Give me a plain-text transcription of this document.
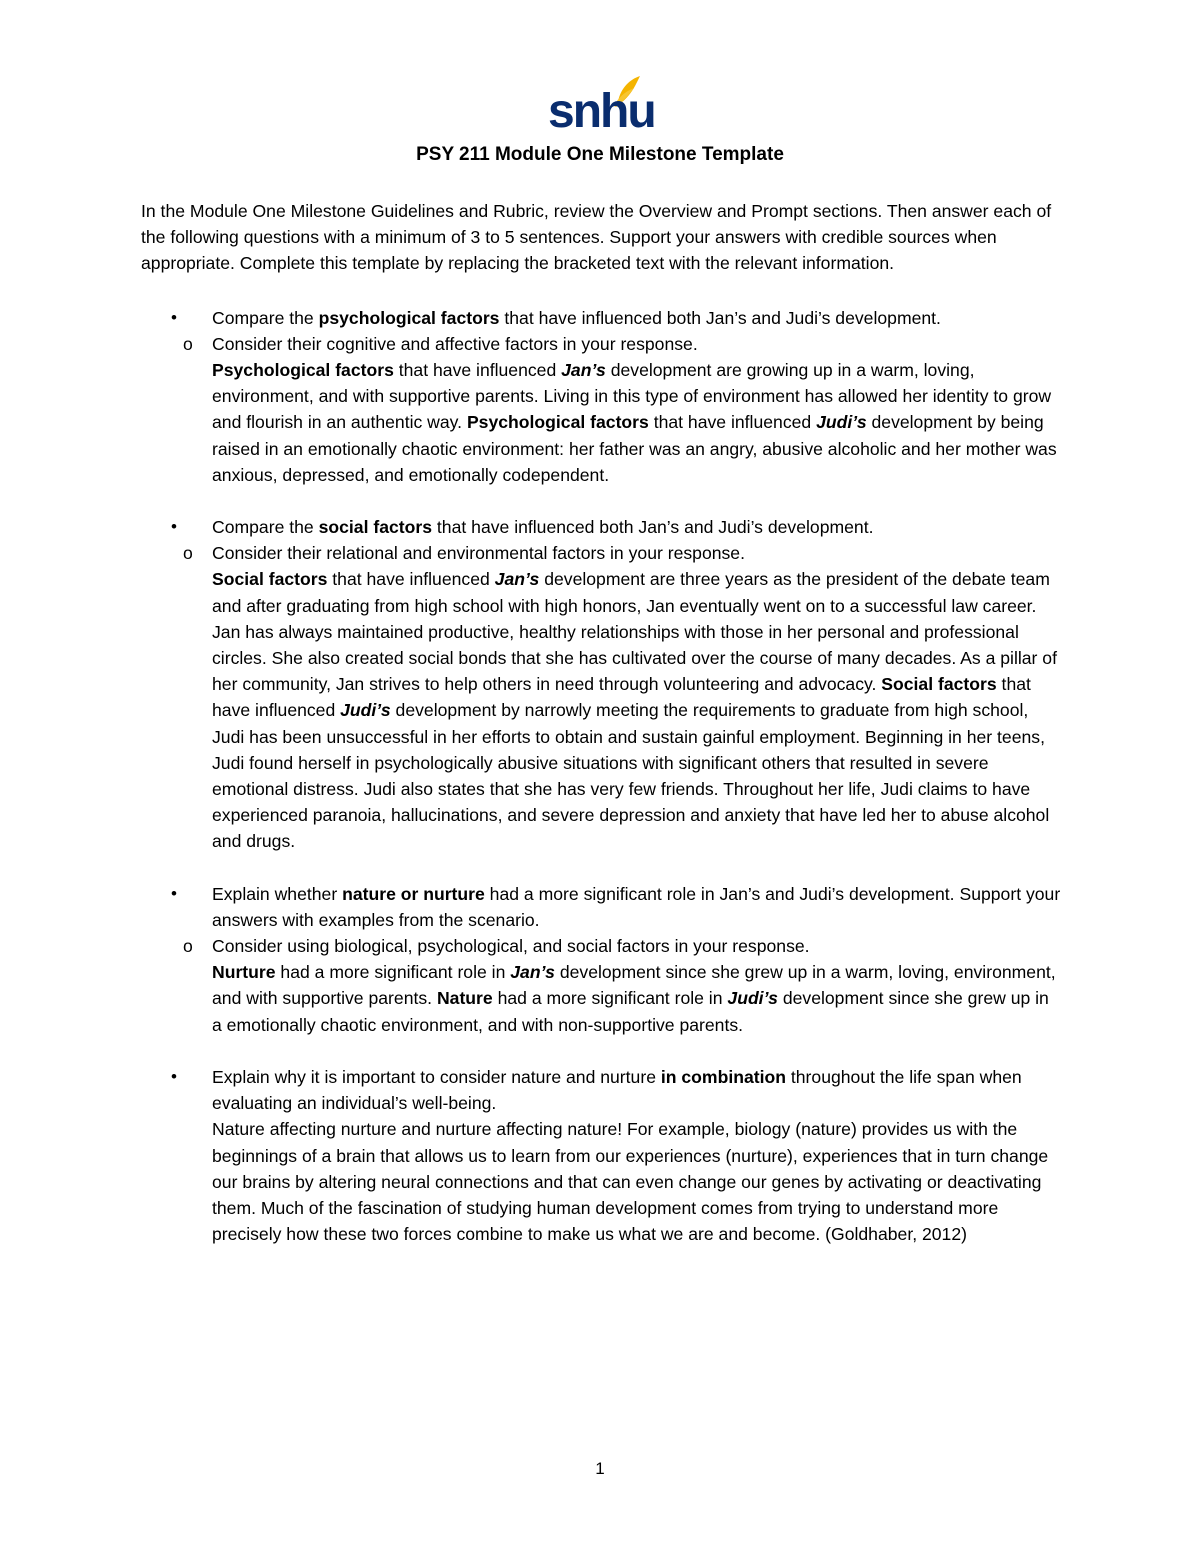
snhu
PSY 211 Module One Milestone Template

In the Module One Milestone Guidelines and Rubric, review the Overview and Prompt sections. Then answer each of the following questions with a minimum of 3 to 5 sentences. Support your answers with credible sources when appropriate. Complete this template by replacing the bracketed text with the relevant information.

• Compare the psychological factors that have influenced both Jan’s and Judi’s development.

o	Consider their cognitive and affective factors in your response.

Psychological factors that have influenced Jan’s development are growing up in a warm, loving, environment, and with supportive parents. Living in this type of environment has allowed her identity to grow and flourish in an authentic way. Psychological factors that have influenced Judi’s development by being raised in an emotionally chaotic environment: her father was an angry, abusive alcoholic and her mother was anxious, depressed, and emotionally codependent.

• Compare the social factors that have influenced both Jan’s and Judi’s development.

o	Consider their relational and environmental factors in your response.

Social factors that have influenced Jan’s development are three years as the president of the debate team and after graduating from high school with high honors, Jan eventually went on to a successful law career. Jan has always maintained productive, healthy relationships with those in her personal and professional circles. She also created social bonds that she has cultivated over the course of many decades. As a pillar of her community, Jan strives to help others in need through volunteering and advocacy. Social factors that have influenced Judi’s development by narrowly meeting the requirements to graduate from high school, Judi has been unsuccessful in her efforts to obtain and sustain gainful employment. Beginning in her teens, Judi found herself in psychologically abusive situations with significant others that resulted in severe emotional distress. Judi also states that she has very few friends. Throughout her life, Judi claims to have experienced paranoia, hallucinations, and severe depression and anxiety that have led her to abuse alcohol and drugs.

• Explain whether nature or nurture had a more significant role in Jan’s and Judi’s development. Support your answers with examples from the scenario.

o	Consider using biological, psychological, and social factors in your response.

Nurture had a more significant role in Jan’s development since she grew up in a warm, loving, environment, and with supportive parents. Nature had a more significant role in Judi’s development since she grew up in a emotionally chaotic environment, and with non-supportive parents.

• Explain why it is important to consider nature and nurture in combination throughout the life span when evaluating an individual’s well-being.

Nature affecting nurture and nurture affecting nature! For example, biology (nature) provides us with the beginnings of a brain that allows us to learn from our experiences (nurture), experiences that in turn change our brains by altering neural connections and that can even change our genes by activating or deactivating them. Much of the fascination of studying human development comes from trying to understand more precisely how these two forces combine to make us what we are and become. (Goldhaber, 2012)

1
